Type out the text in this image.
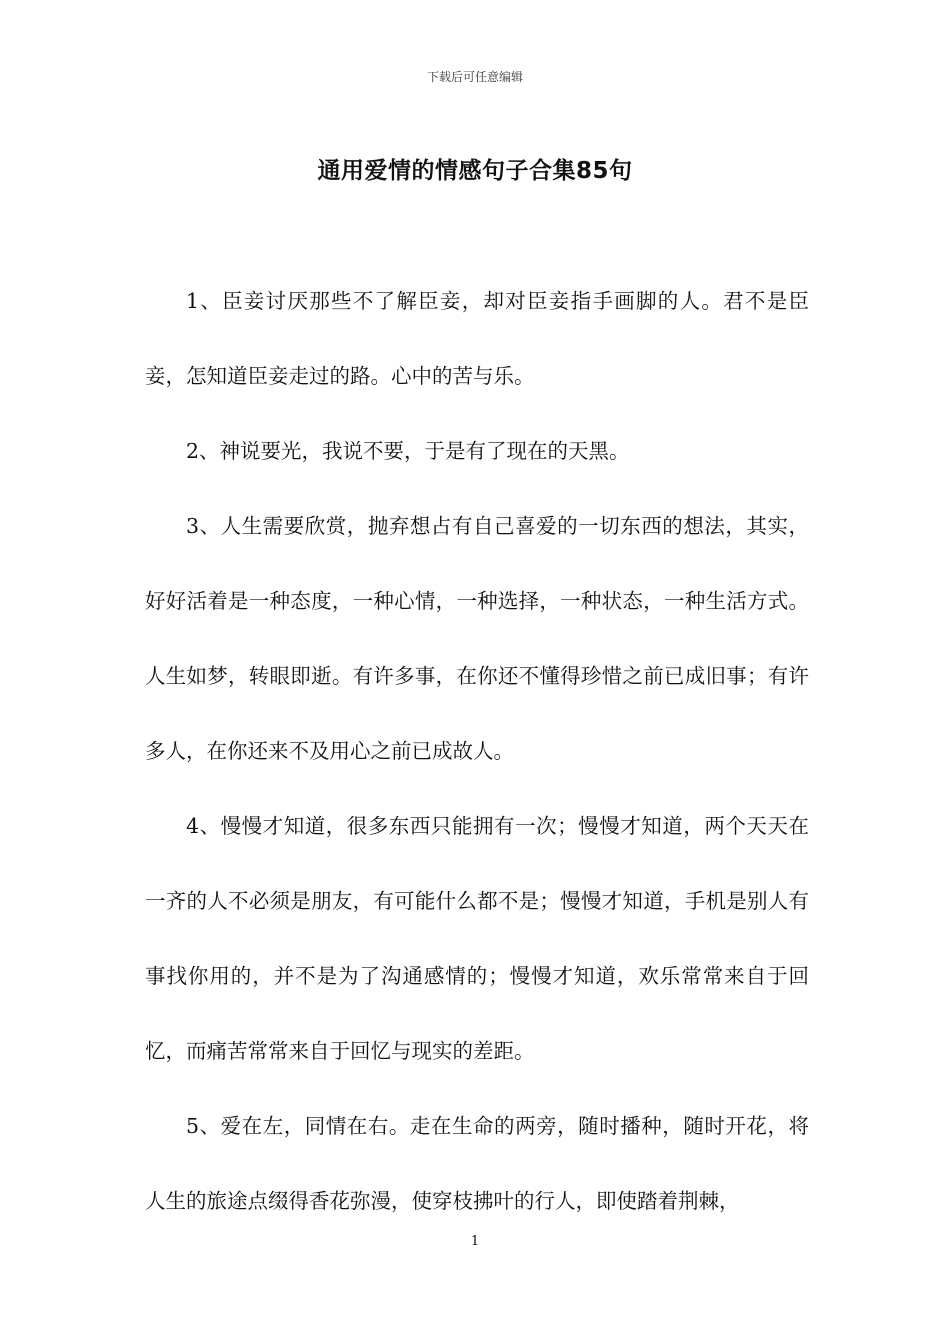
下载后可任意编辑
通用爱情的情感句子合集85句

1、臣妾讨厌那些不了解臣妾，却对臣妾指手画脚的人。君不是臣妾，怎知道臣妾走过的路。心中的苦与乐。

2、神说要光，我说不要，于是有了现在的天黑。

3、人生需要欣赏，抛弃想占有自己喜爱的一切东西的想法，其实，好好活着是一种态度，一种心情，一种选择，一种状态，一种生活方式。人生如梦，转眼即逝。有许多事，在你还不懂得珍惜之前已成旧事；有许多人，在你还来不及用心之前已成故人。

4、慢慢才知道，很多东西只能拥有一次；慢慢才知道，两个天天在一齐的人不必须是朋友，有可能什么都不是；慢慢才知道，手机是别人有事找你用的，并不是为了沟通感情的；慢慢才知道，欢乐常常来自于回忆，而痛苦常常来自于回忆与现实的差距。

5、爱在左，同情在右。走在生命的两旁，随时播种，随时开花，将人生的旅途点缀得香花弥漫，使穿枝拂叶的行人，即使踏着荆棘，

1
